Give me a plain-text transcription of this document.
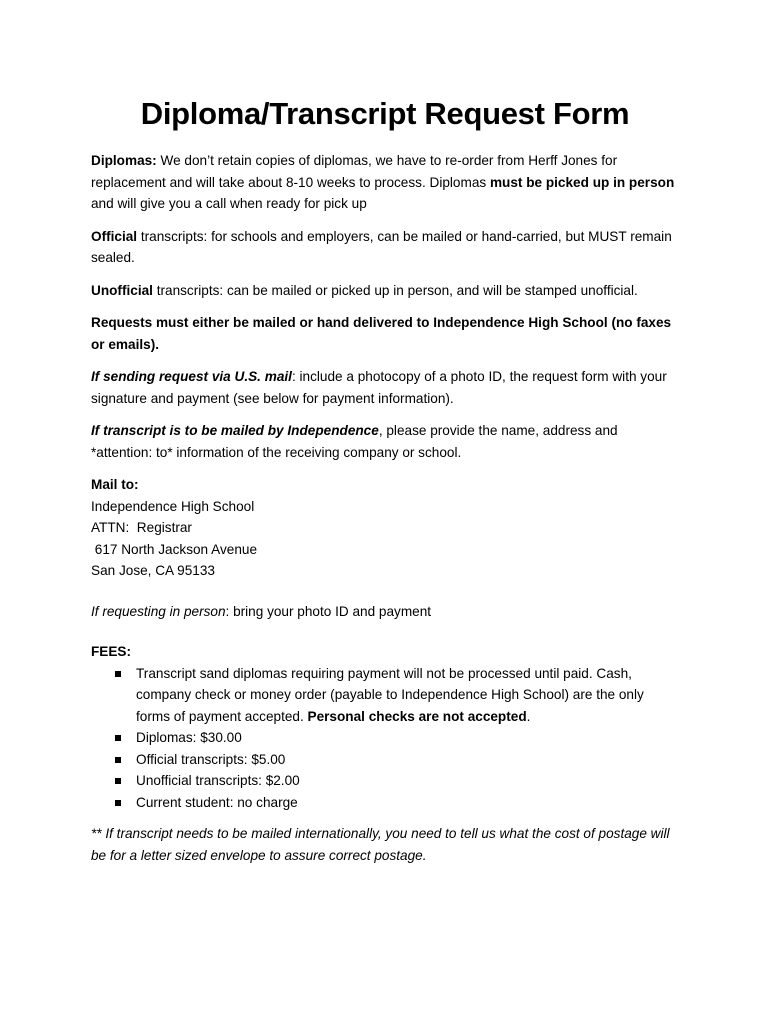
Diploma/Transcript Request Form

Diplomas: We don’t retain copies of diplomas, we have to re-order from Herff Jones for replacement and will take about 8-10 weeks to process. Diplomas must be picked up in person and will give you a call when ready for pick up

Official transcripts: for schools and employers, can be mailed or hand-carried, but MUST remain sealed.

Unofficial transcripts: can be mailed or picked up in person, and will be stamped unofficial.

Requests must either be mailed or hand delivered to Independence High School (no faxes or emails).

If sending request via U.S. mail: include a photocopy of a photo ID, the request form with your signature and payment (see below for payment information).

If transcript is to be mailed by Independence, please provide the name, address and *attention: to* information of the receiving company or school.

Mail to:
Independence High School
ATTN:  Registrar
617 North Jackson Avenue
San Jose, CA 95133

If requesting in person: bring your photo ID and payment

FEES:
Transcript sand diplomas requiring payment will not be processed until paid. Cash, company check or money order (payable to Independence High School) are the only forms of payment accepted. Personal checks are not accepted.
Diplomas: $30.00
Official transcripts: $5.00
Unofficial transcripts: $2.00
Current student: no charge

** If transcript needs to be mailed internationally, you need to tell us what the cost of postage will be for a letter sized envelope to assure correct postage.
